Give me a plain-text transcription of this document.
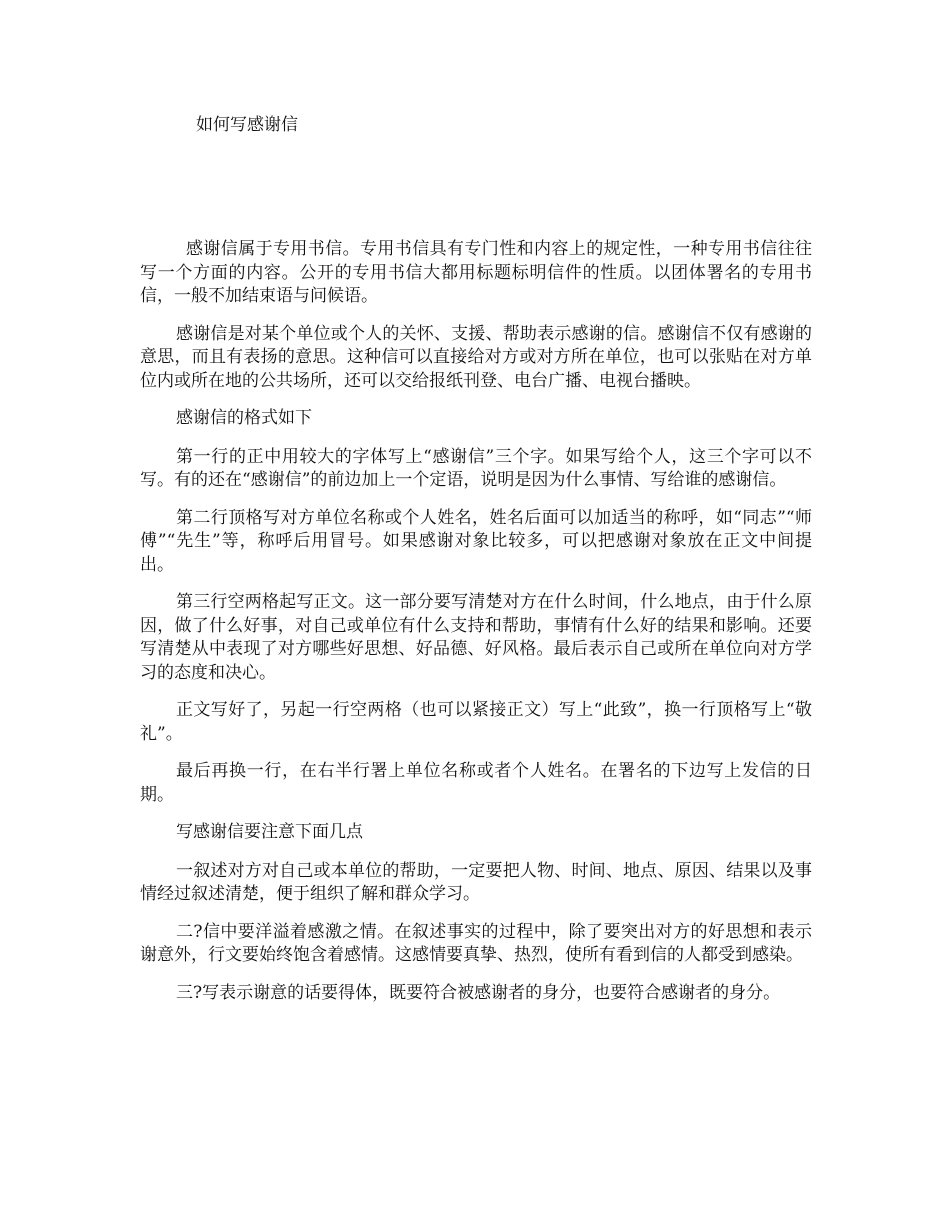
如何写感谢信

感谢信属于专用书信。专用书信具有专门性和内容上的规定性，一种专用书信往往写一个方面的内容。公开的专用书信大都用标题标明信件的性质。以团体署名的专用书信，一般不加结束语与问候语。

感谢信是对某个单位或个人的关怀、支援、帮助表示感谢的信。感谢信不仅有感谢的意思，而且有表扬的意思。这种信可以直接给对方或对方所在单位，也可以张贴在对方单位内或所在地的公共场所，还可以交给报纸刊登、电台广播、电视台播映。

感谢信的格式如下

第一行的正中用较大的字体写上“感谢信”三个字。如果写给个人，这三个字可以不写。有的还在“感谢信”的前边加上一个定语，说明是因为什么事情、写给谁的感谢信。

第二行顶格写对方单位名称或个人姓名，姓名后面可以加适当的称呼，如“同志”“师傅”“先生”等，称呼后用冒号。如果感谢对象比较多，可以把感谢对象放在正文中间提出。

第三行空两格起写正文。这一部分要写清楚对方在什么时间，什么地点，由于什么原因，做了什么好事，对自己或单位有什么支持和帮助，事情有什么好的结果和影响。还要写清楚从中表现了对方哪些好思想、好品德、好风格。最后表示自己或所在单位向对方学习的态度和决心。

正文写好了，另起一行空两格（也可以紧接正文）写上“此致”，换一行顶格写上“敬礼”。

最后再换一行，在右半行署上单位名称或者个人姓名。在署名的下边写上发信的日期。

写感谢信要注意下面几点

一叙述对方对自己或本单位的帮助，一定要把人物、时间、地点、原因、结果以及事情经过叙述清楚，便于组织了解和群众学习。

二?信中要洋溢着感激之情。在叙述事实的过程中，除了要突出对方的好思想和表示谢意外，行文要始终饱含着感情。这感情要真挚、热烈，使所有看到信的人都受到感染。

三?写表示谢意的话要得体，既要符合被感谢者的身分，也要符合感谢者的身分。
